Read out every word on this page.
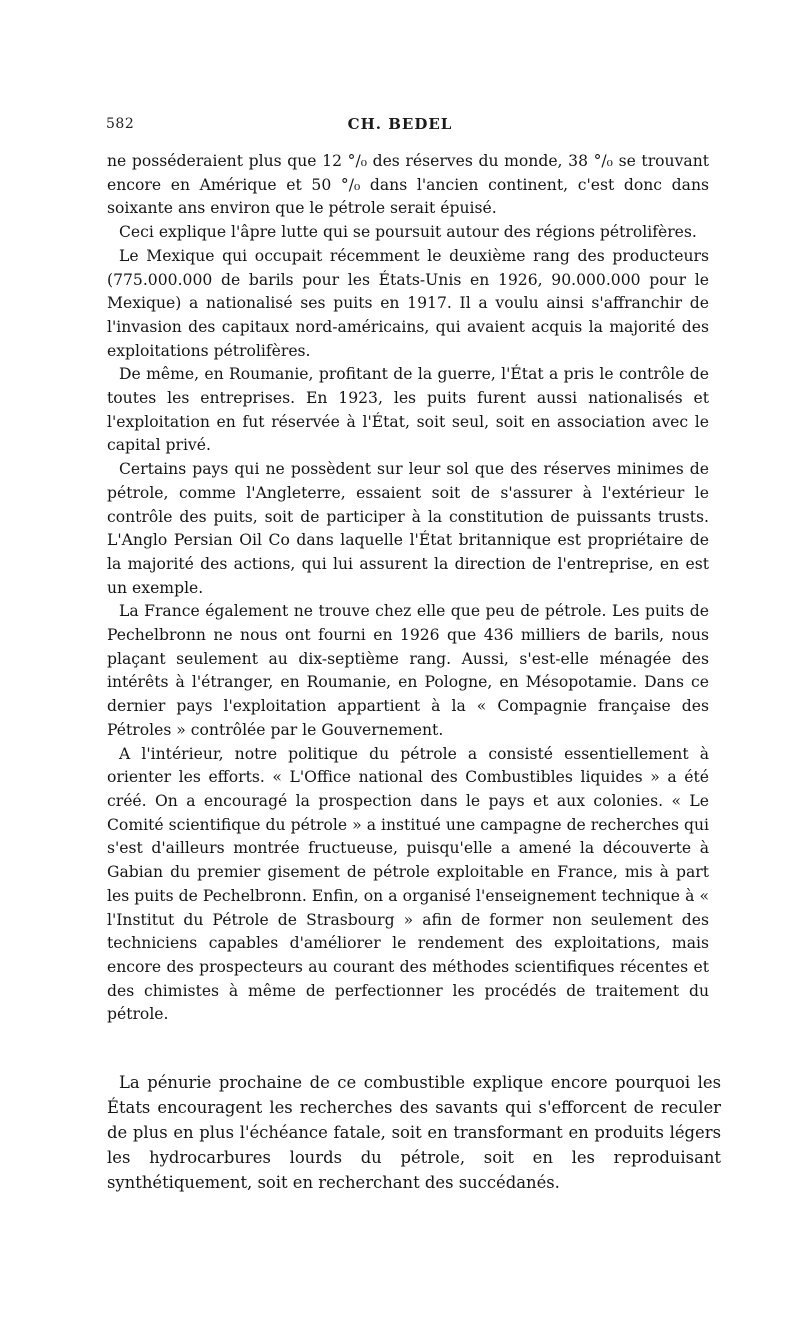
582	CH. BEDEL

ne posséderaient plus que 12 °/₀ des réserves du monde, 38 °/₀ se trouvant encore en Amérique et 50 °/₀ dans l'ancien continent, c'est donc dans soixante ans environ que le pétrole serait épuisé.

Ceci explique l'âpre lutte qui se poursuit autour des régions pétrolifères.

Le Mexique qui occupait récemment le deuxième rang des producteurs (775.000.000 de barils pour les États-Unis en 1926, 90.000.000 pour le Mexique) a nationalisé ses puits en 1917. Il a voulu ainsi s'affranchir de l'invasion des capitaux nord-américains, qui avaient acquis la majorité des exploitations pétrolifères.

De même, en Roumanie, profitant de la guerre, l'État a pris le contrôle de toutes les entreprises. En 1923, les puits furent aussi nationalisés et l'exploitation en fut réservée à l'État, soit seul, soit en association avec le capital privé.

Certains pays qui ne possèdent sur leur sol que des réserves minimes de pétrole, comme l'Angleterre, essaient soit de s'assurer à l'extérieur le contrôle des puits, soit de participer à la constitution de puissants trusts. L'Anglo Persian Oil Co dans laquelle l'État britannique est propriétaire de la majorité des actions, qui lui assurent la direction de l'entreprise, en est un exemple.

La France également ne trouve chez elle que peu de pétrole. Les puits de Pechelbronn ne nous ont fourni en 1926 que 436 milliers de barils, nous plaçant seulement au dix-septième rang. Aussi, s'est-elle ménagée des intérêts à l'étranger, en Roumanie, en Pologne, en Mésopotamie. Dans ce dernier pays l'exploitation appartient à la « Compagnie française des Pétroles » contrôlée par le Gouvernement.

A l'intérieur, notre politique du pétrole a consisté essentiellement à orienter les efforts. « L'Office national des Combustibles liquides » a été créé. On a encouragé la prospection dans le pays et aux colonies. « Le Comité scientifique du pétrole » a institué une campagne de recherches qui s'est d'ailleurs montrée fructueuse, puisqu'elle a amené la découverte à Gabian du premier gisement de pétrole exploitable en France, mis à part les puits de Pechelbronn. Enfin, on a organisé l'enseignement technique à « l'Institut du Pétrole de Strasbourg » afin de former non seulement des techniciens capables d'améliorer le rendement des exploitations, mais encore des prospecteurs au courant des méthodes scientifiques récentes et des chimistes à même de perfectionner les procédés de traitement du pétrole.

La pénurie prochaine de ce combustible explique encore pourquoi les États encouragent les recherches des savants qui s'efforcent de reculer de plus en plus l'échéance fatale, soit en transformant en produits légers les hydrocarbures lourds du pétrole, soit en les reproduisant synthétiquement, soit en recherchant des succédanés.
